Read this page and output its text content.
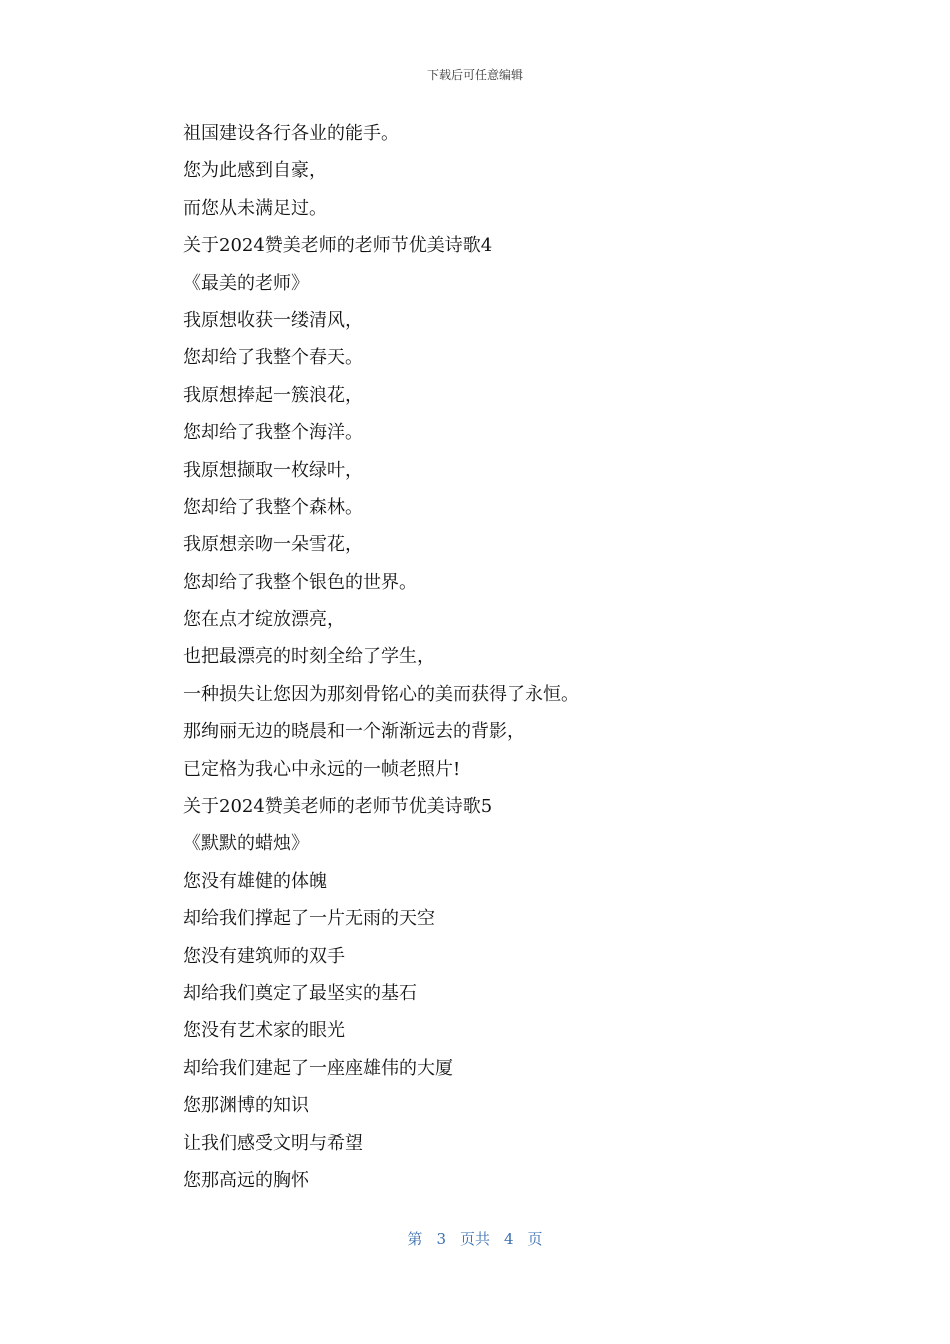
下载后可任意编辑
祖国建设各行各业的能手。
您为此感到自豪，
而您从未满足过。
关于2024赞美老师的老师节优美诗歌4
《最美的老师》
我原想收获一缕清风，
您却给了我整个春天。
我原想捧起一簇浪花，
您却给了我整个海洋。
我原想撷取一枚绿叶，
您却给了我整个森林。
我原想亲吻一朵雪花，
您却给了我整个银色的世界。
您在点才绽放漂亮，
也把最漂亮的时刻全给了学生，
一种损失让您因为那刻骨铭心的美而获得了永恒。
那绚丽无边的晓晨和一个渐渐远去的背影，
已定格为我心中永远的一帧老照片!
关于2024赞美老师的老师节优美诗歌5
《默默的蜡烛》
您没有雄健的体魄
却给我们撑起了一片无雨的天空
您没有建筑师的双手
却给我们奠定了最坚实的基石
您没有艺术家的眼光
却给我们建起了一座座雄伟的大厦
您那渊博的知识
让我们感受文明与希望
您那高远的胸怀
第 3 页共 4 页
